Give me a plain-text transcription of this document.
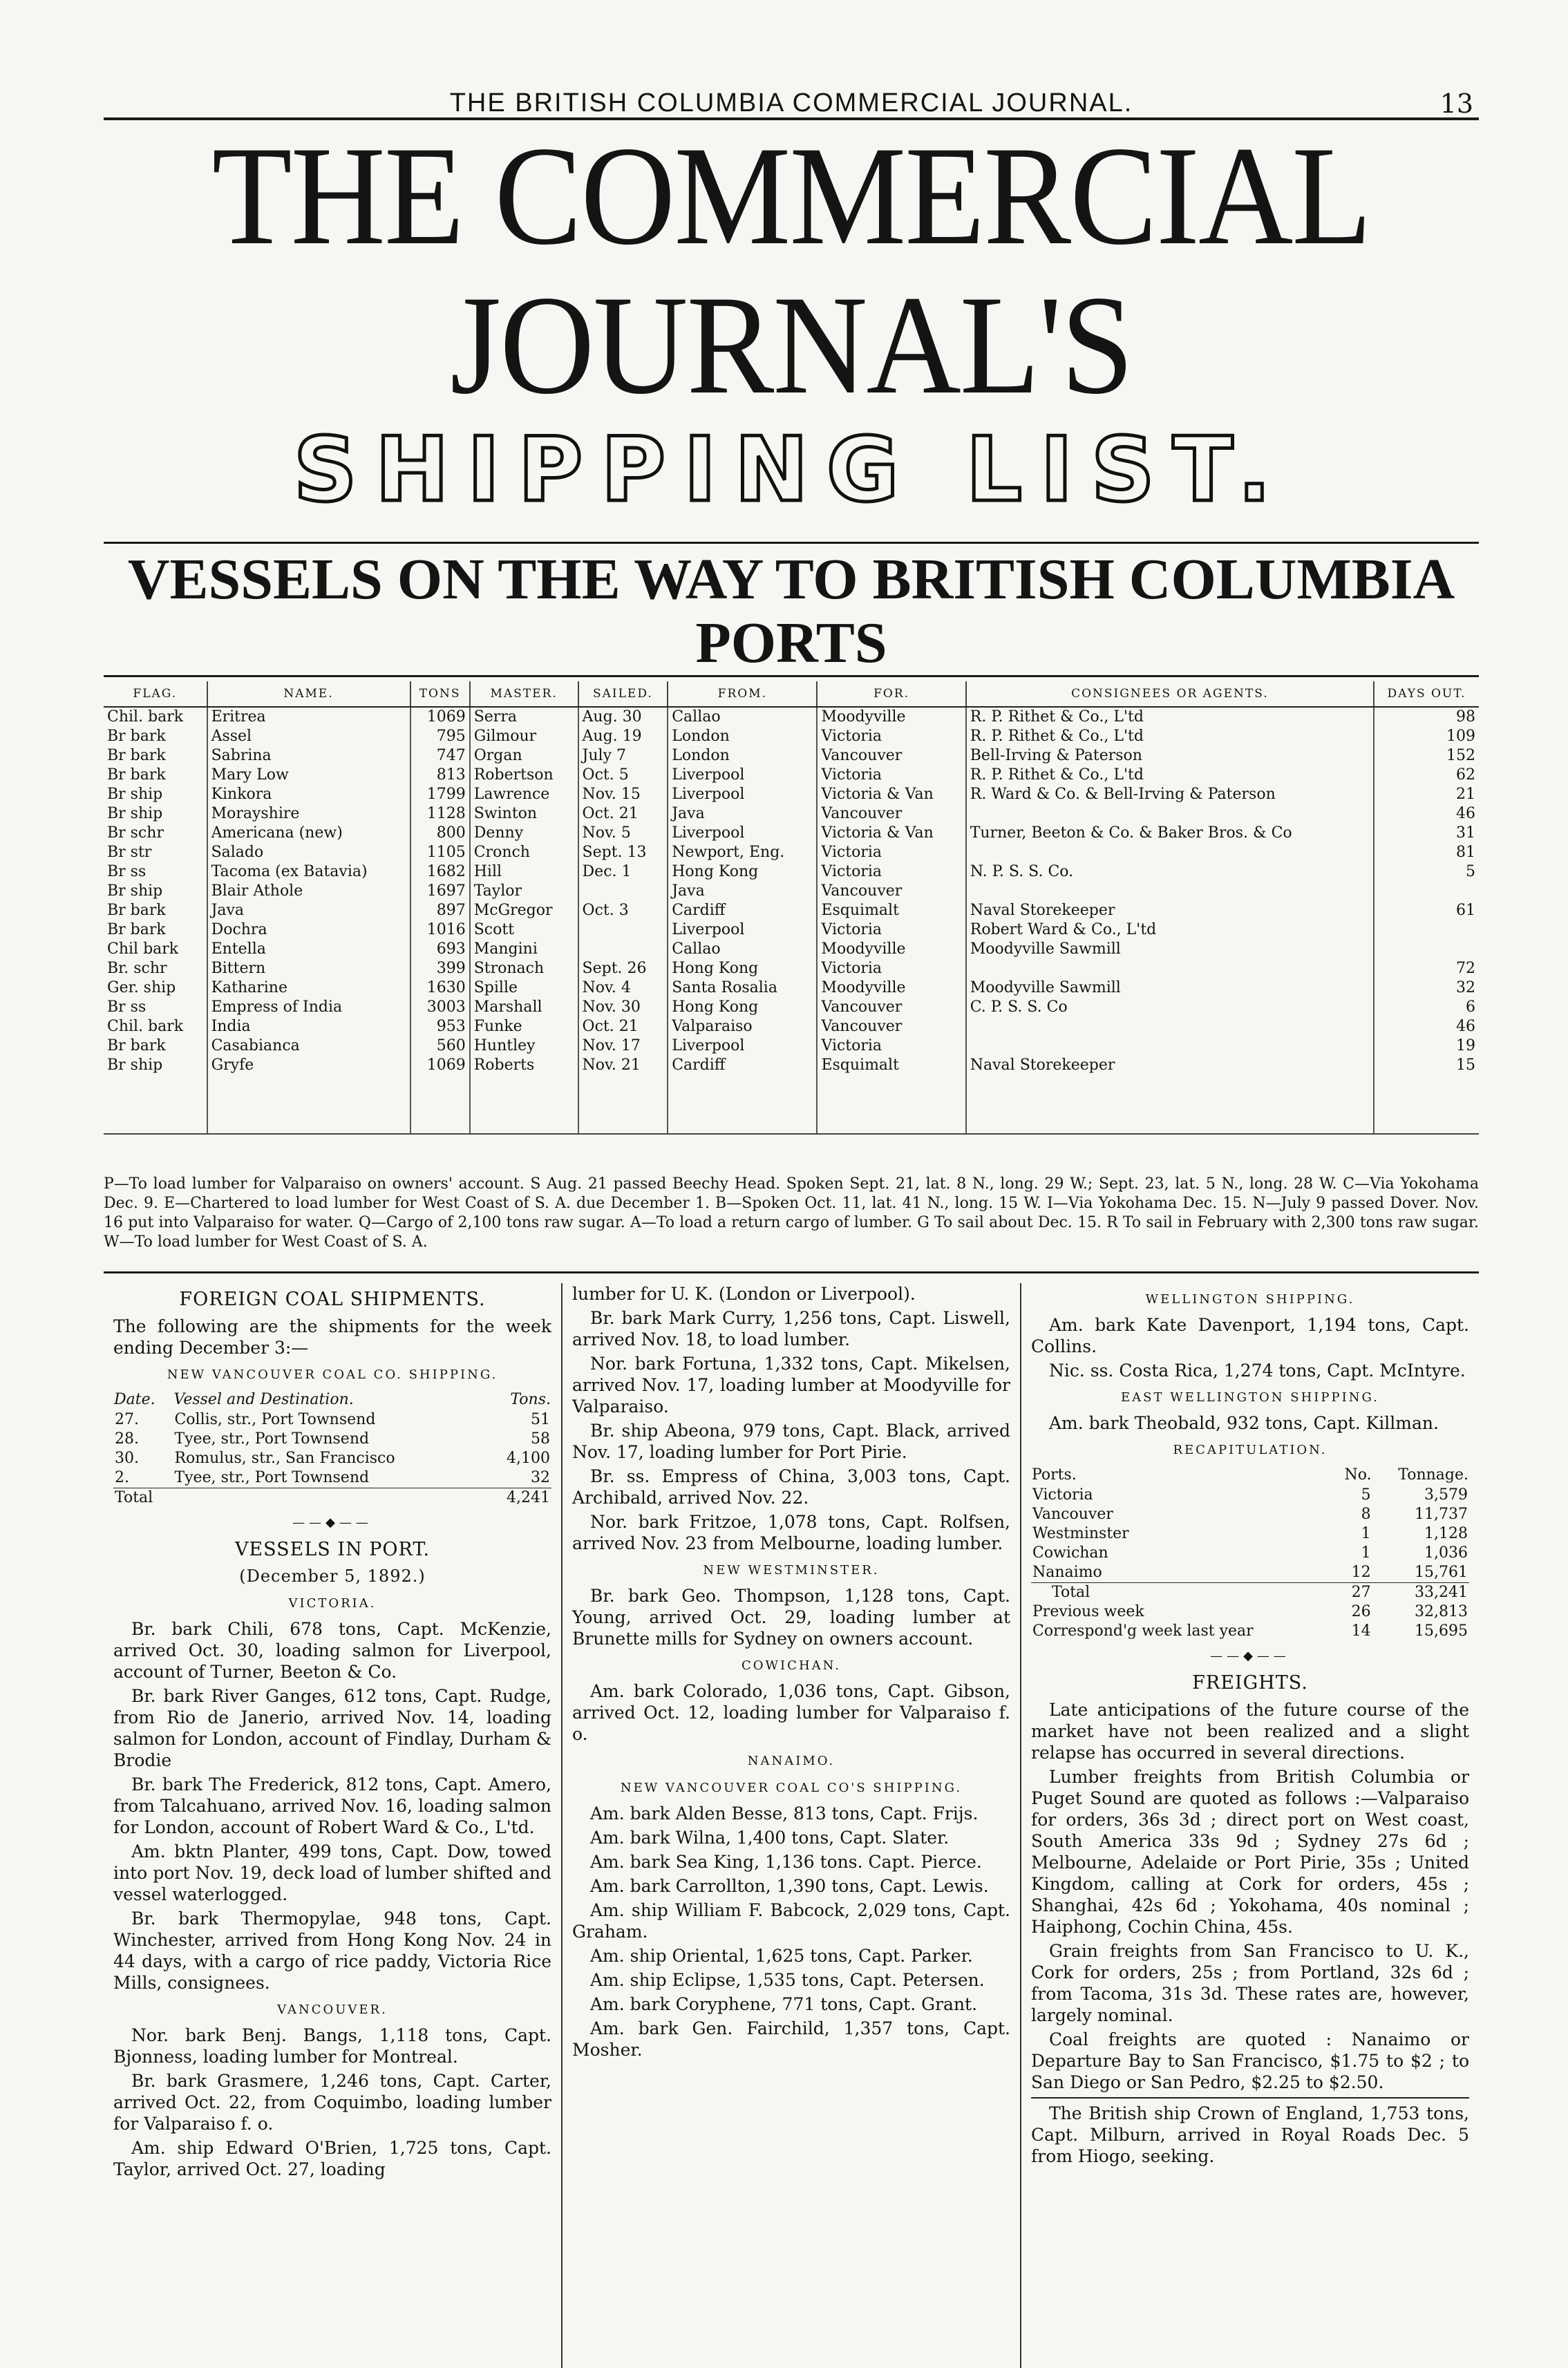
THE BRITISH COLUMBIA COMMERCIAL JOURNAL.	13
THE COMMERCIAL JOURNAL'S
SHIPPING LIST.
VESSELS ON THE WAY TO BRITISH COLUMBIA PORTS
FLAG.	NAME.	TONS	MASTER.	SAILED.	FROM.	FOR.	CONSIGNEES OR AGENTS.	DAYS OUT.
Chil. bark	Eritrea	1069	Serra	Aug. 30	Callao	Moodyville	R. P. Rithet & Co., L'td	98
Br bark	Assel	795	Gilmour	Aug. 19	London	Victoria	R. P. Rithet & Co., L'td	109
Br bark	Sabrina	747	Organ	July 7	London	Vancouver	Bell-Irving & Paterson	152
Br bark	Mary Low	813	Robertson	Oct. 5	Liverpool	Victoria	R. P. Rithet & Co., L'td	62
Br ship	Kinkora	1799	Lawrence	Nov. 15	Liverpool	Victoria & Van	R. Ward & Co. & Bell-Irving & Paterson	21
Br ship	Morayshire	1128	Swinton	Oct. 21	Java	Vancouver		46
Br schr	Americana (new)	800	Denny	Nov. 5	Liverpool	Victoria & Van	Turner, Beeton & Co. & Baker Bros. & Co	31
Br str	Salado	1105	Cronch	Sept. 13	Newport, Eng.	Victoria		81
Br ss	Tacoma (ex Batavia)	1682	Hill	Dec. 1	Hong Kong	Victoria	N. P. S. S. Co.	5
Br ship	Blair Athole	1697	Taylor		Java	Vancouver		
Br bark	Java	897	McGregor	Oct. 3	Cardiff	Esquimalt	Naval Storekeeper	61
Br bark	Dochra	1016	Scott		Liverpool	Victoria	Robert Ward & Co., L'td	
Chil bark	Entella	693	Mangini		Callao	Moodyville	Moodyville Sawmill	
Br. schr	Bittern	399	Stronach	Sept. 26	Hong Kong	Victoria		72
Ger. ship	Katharine	1630	Spille	Nov. 4	Santa Rosalia	Moodyville	Moodyville Sawmill	32
Br ss	Empress of India	3003	Marshall	Nov. 30	Hong Kong	Vancouver	C. P. S. S. Co	6
Chil. bark	India	953	Funke	Oct. 21	Valparaiso	Vancouver		46
Br bark	Casabianca	560	Huntley	Nov. 17	Liverpool	Victoria		19
Br ship	Gryfe	1069	Roberts	Nov. 21	Cardiff	Esquimalt	Naval Storekeeper	15

P—To load lumber for Valparaiso on owners' account. S Aug. 21 passed Beechy Head. Spoken Sept. 21, lat. 8 N., long. 29 W.; Sept. 23, lat. 5 N., long. 28 W. C—Via Yokohama Dec. 9. E—Chartered to load lumber for West Coast of S. A. due December 1. B—Spoken Oct. 11, lat. 41 N., long. 15 W. I—Via Yokohama Dec. 15. N—July 9 passed Dover. Nov. 16 put into Valparaiso for water. Q—Cargo of 2,100 tons raw sugar. A—To load a return cargo of lumber. G To sail about Dec. 15. R To sail in February with 2,300 tons raw sugar. W—To load lumber for West Coast of S. A.
FOREIGN COAL SHIPMENTS.

The following are the shipments for the week ending December 3:—

NEW VANCOUVER COAL CO. SHIPPING.
Date.	Vessel and Destination.	Tons.
27.	Collis, str., Port Townsend	51
28.	Tyee, str., Port Townsend	58
30.	Romulus, str., San Francisco	4,100
2.	Tyee, str., Port Townsend	32
Total		4,241
——◆——
VESSELS IN PORT.
(December 5, 1892.)
VICTORIA.

Br. bark Chili, 678 tons, Capt. McKenzie, arrived Oct. 30, loading salmon for Liverpool, account of Turner, Beeton & Co.

Br. bark River Ganges, 612 tons, Capt. Rudge, from Rio de Janerio, arrived Nov. 14, loading salmon for London, account of Findlay, Durham & Brodie

Br. bark The Frederick, 812 tons, Capt. Amero, from Talcahuano, arrived Nov. 16, loading salmon for London, account of Robert Ward & Co., L'td.

Am. bktn Planter, 499 tons, Capt. Dow, towed into port Nov. 19, deck load of lumber shifted and vessel waterlogged.

Br. bark Thermopylae, 948 tons, Capt. Winchester, arrived from Hong Kong Nov. 24 in 44 days, with a cargo of rice paddy, Victoria Rice Mills, consignees.

VANCOUVER.

Nor. bark Benj. Bangs, 1,118 tons, Capt. Bjonness, loading lumber for Montreal.

Br. bark Grasmere, 1,246 tons, Capt. Carter, arrived Oct. 22, from Coquimbo, loading lumber for Valparaiso f. o.

Am. ship Edward O'Brien, 1,725 tons, Capt. Taylor, arrived Oct. 27, loading

lumber for U. K. (London or Liverpool).

Br. bark Mark Curry, 1,256 tons, Capt. Liswell, arrived Nov. 18, to load lumber.

Nor. bark Fortuna, 1,332 tons, Capt. Mikelsen, arrived Nov. 17, loading lumber at Moodyville for Valparaiso.

Br. ship Abeona, 979 tons, Capt. Black, arrived Nov. 17, loading lumber for Port Pirie.

Br. ss. Empress of China, 3,003 tons, Capt. Archibald, arrived Nov. 22.

Nor. bark Fritzoe, 1,078 tons, Capt. Rolfsen, arrived Nov. 23 from Melbourne, loading lumber.

NEW WESTMINSTER.

Br. bark Geo. Thompson, 1,128 tons, Capt. Young, arrived Oct. 29, loading lumber at Brunette mills for Sydney on owners account.

COWICHAN.

Am. bark Colorado, 1,036 tons, Capt. Gibson, arrived Oct. 12, loading lumber for Valparaiso f. o.

NANAIMO.
NEW VANCOUVER COAL CO'S SHIPPING.

Am. bark Alden Besse, 813 tons, Capt. Frijs.

Am. bark Wilna, 1,400 tons, Capt. Slater.

Am. bark Sea King, 1,136 tons. Capt. Pierce.

Am. bark Carrollton, 1,390 tons, Capt. Lewis.

Am. ship William F. Babcock, 2,029 tons, Capt. Graham.

Am. ship Oriental, 1,625 tons, Capt. Parker.

Am. ship Eclipse, 1,535 tons, Capt. Petersen.

Am. bark Coryphene, 771 tons, Capt. Grant.

Am. bark Gen. Fairchild, 1,357 tons, Capt. Mosher.

WELLINGTON SHIPPING.

Am. bark Kate Davenport, 1,194 tons, Capt. Collins.

Nic. ss. Costa Rica, 1,274 tons, Capt. McIntyre.

EAST WELLINGTON SHIPPING.

Am. bark Theobald, 932 tons, Capt. Killman.

RECAPITULATION.
Ports.	No.	Tonnage.
Victoria	5	3,579
Vancouver	8	11,737
Westminster	1	1,128
Cowichan	1	1,036
Nanaimo	12	15,761
Total	27	33,241
Previous week	26	32,813
Correspond'g week last year	14	15,695
——◆——
FREIGHTS.

Late anticipations of the future course of the market have not been realized and a slight relapse has occurred in several directions.

Lumber freights from British Columbia or Puget Sound are quoted as follows :—Valparaiso for orders, 36s 3d ; direct port on West coast, South America 33s 9d ; Sydney 27s 6d ; Melbourne, Adelaide or Port Pirie, 35s ; United Kingdom, calling at Cork for orders, 45s ; Shanghai, 42s 6d ; Yokohama, 40s nominal ; Haiphong, Cochin China, 45s.

Grain freights from San Francisco to U. K., Cork for orders, 25s ; from Portland, 32s 6d ; from Tacoma, 31s 3d. These rates are, however, largely nominal.

Coal freights are quoted : Nanaimo or Departure Bay to San Francisco, $1.75 to $2 ; to San Diego or San Pedro, $2.25 to $2.50.

The British ship Crown of England, 1,753 tons, Capt. Milburn, arrived in Royal Roads Dec. 5 from Hiogo, seeking.
